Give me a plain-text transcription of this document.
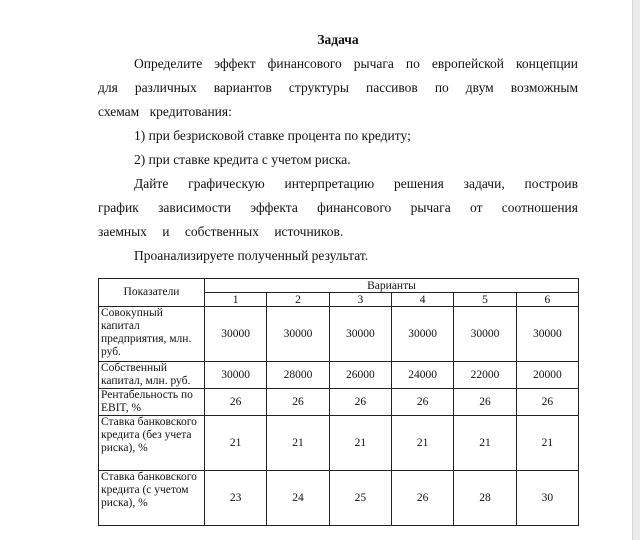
Задача

Определите эффект финансового рычага по европейской концепции для различных вариантов структуры пассивов по двум возможным схемам кредитования:

1) при безрисковой ставке процента по кредиту;

2) при ставке кредита с учетом риска.

Дайте графическую интерпретацию решения задачи, построив график зависимости эффекта финансового рычага от соотношения заемных и собственных источников.

Проанализируете полученный результат.

Показатели	Варианты					
	1	2	3	4	5	6
Совокупный капитал предприятия, млн. руб.	30000	30000	30000	30000	30000	30000
Собственный капитал, млн. руб.	30000	28000	26000	24000	22000	20000
Рентабельность по EBIT, %	26	26	26	26	26	26
Ставка банковского кредита (без учета риска), %	21	21	21	21	21	21
Ставка банковского кредита (с учетом риска), %	23	24	25	26	28	30
